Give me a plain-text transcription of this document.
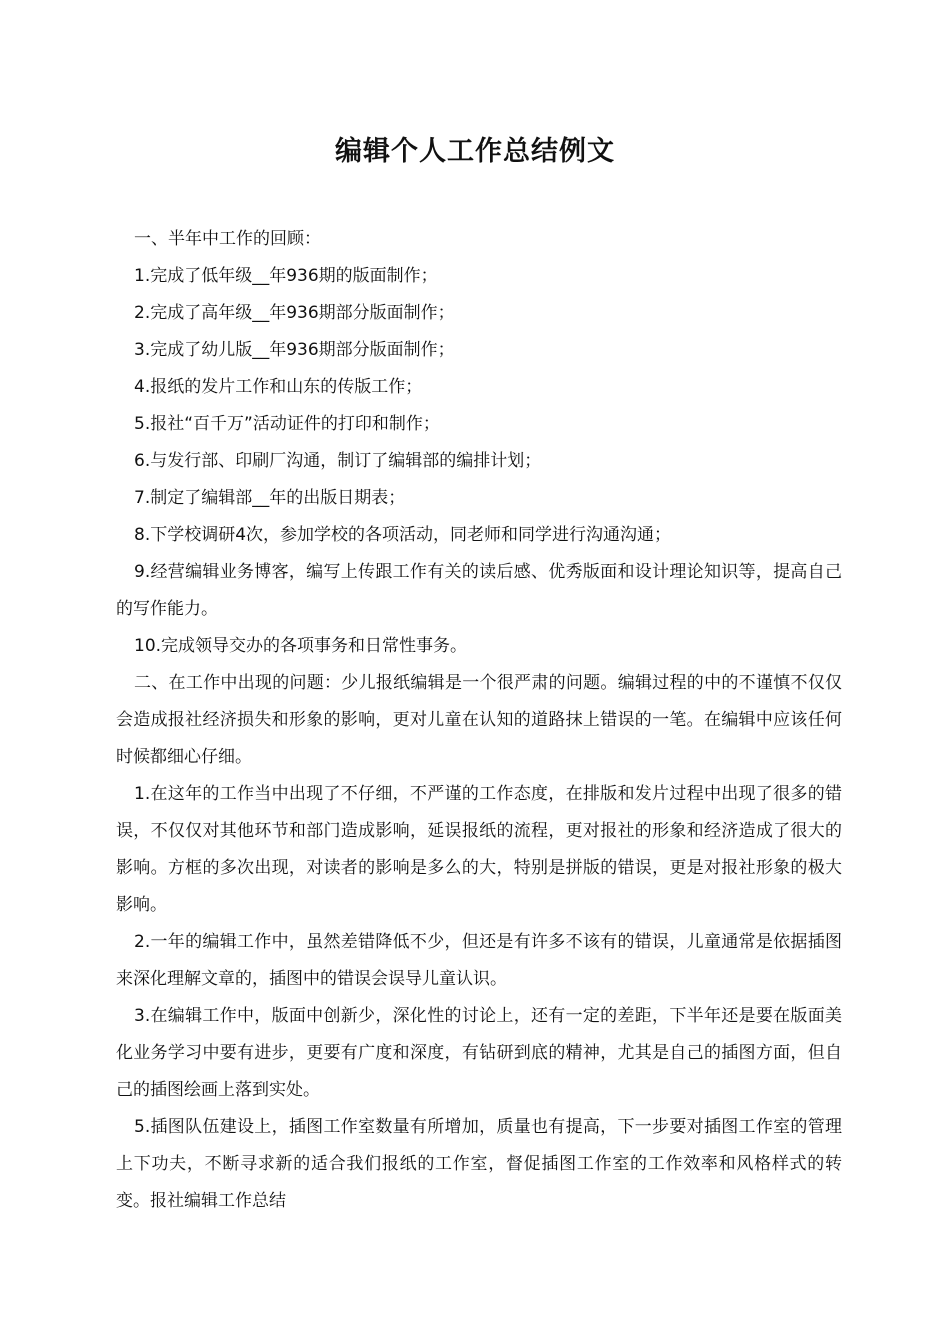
编辑个人工作总结例文

一、半年中工作的回顾：

1.完成了低年级__年936期的版面制作；

2.完成了高年级__年936期部分版面制作；

3.完成了幼儿版__年936期部分版面制作；

4.报纸的发片工作和山东的传版工作；

5.报社“百千万”活动证件的打印和制作；

6.与发行部、印刷厂沟通，制订了编辑部的编排计划；

7.制定了编辑部__年的出版日期表；

8.下学校调研4次，参加学校的各项活动，同老师和同学进行沟通沟通；

9.经营编辑业务博客，编写上传跟工作有关的读后感、优秀版面和设计理论知识等，提高自己的写作能力。

10.完成领导交办的各项事务和日常性事务。

二、在工作中出现的问题：少儿报纸编辑是一个很严肃的问题。编辑过程的中的不谨慎不仅仅会造成报社经济损失和形象的影响，更对儿童在认知的道路抹上错误的一笔。在编辑中应该任何时候都细心仔细。

1.在这年的工作当中出现了不仔细，不严谨的工作态度，在排版和发片过程中出现了很多的错误，不仅仅对其他环节和部门造成影响，延误报纸的流程，更对报社的形象和经济造成了很大的影响。方框的多次出现，对读者的影响是多么的大，特别是拼版的错误，更是对报社形象的极大影响。

2.一年的编辑工作中，虽然差错降低不少，但还是有许多不该有的错误，儿童通常是依据插图来深化理解文章的，插图中的错误会误导儿童认识。

3.在编辑工作中，版面中创新少，深化性的讨论上，还有一定的差距，下半年还是要在版面美化业务学习中要有进步，更要有广度和深度，有钻研到底的精神，尤其是自己的插图方面，但自己的插图绘画上落到实处。

5.插图队伍建设上，插图工作室数量有所增加，质量也有提高，下一步要对插图工作室的管理上下功夫，不断寻求新的适合我们报纸的工作室，督促插图工作室的工作效率和风格样式的转变。报社编辑工作总结
